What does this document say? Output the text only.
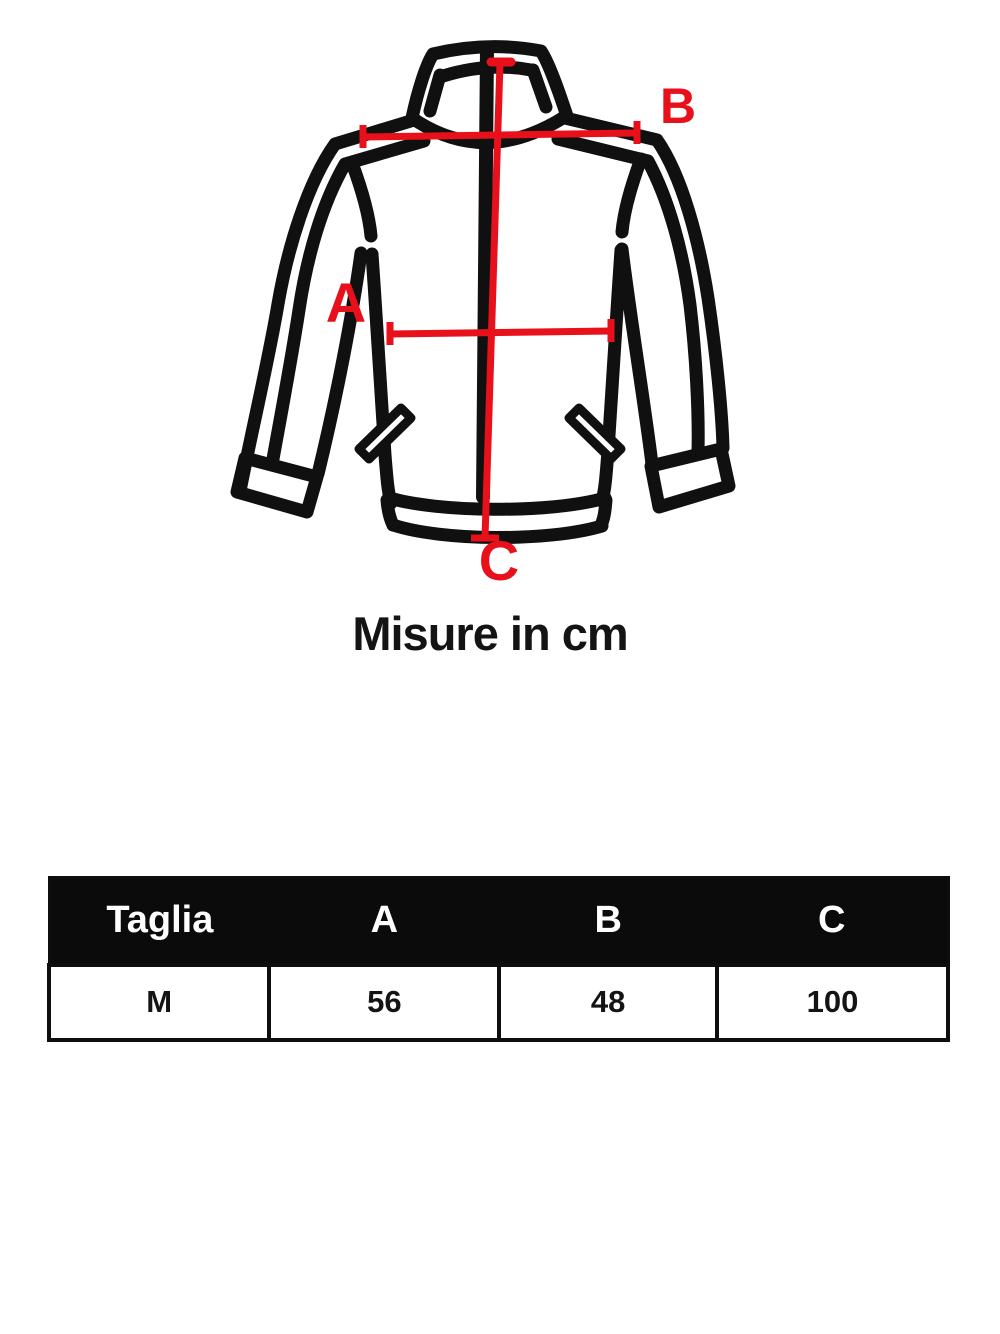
A
B
C
Misure in cm
Taglia	A	B	C
M	56	48	100
